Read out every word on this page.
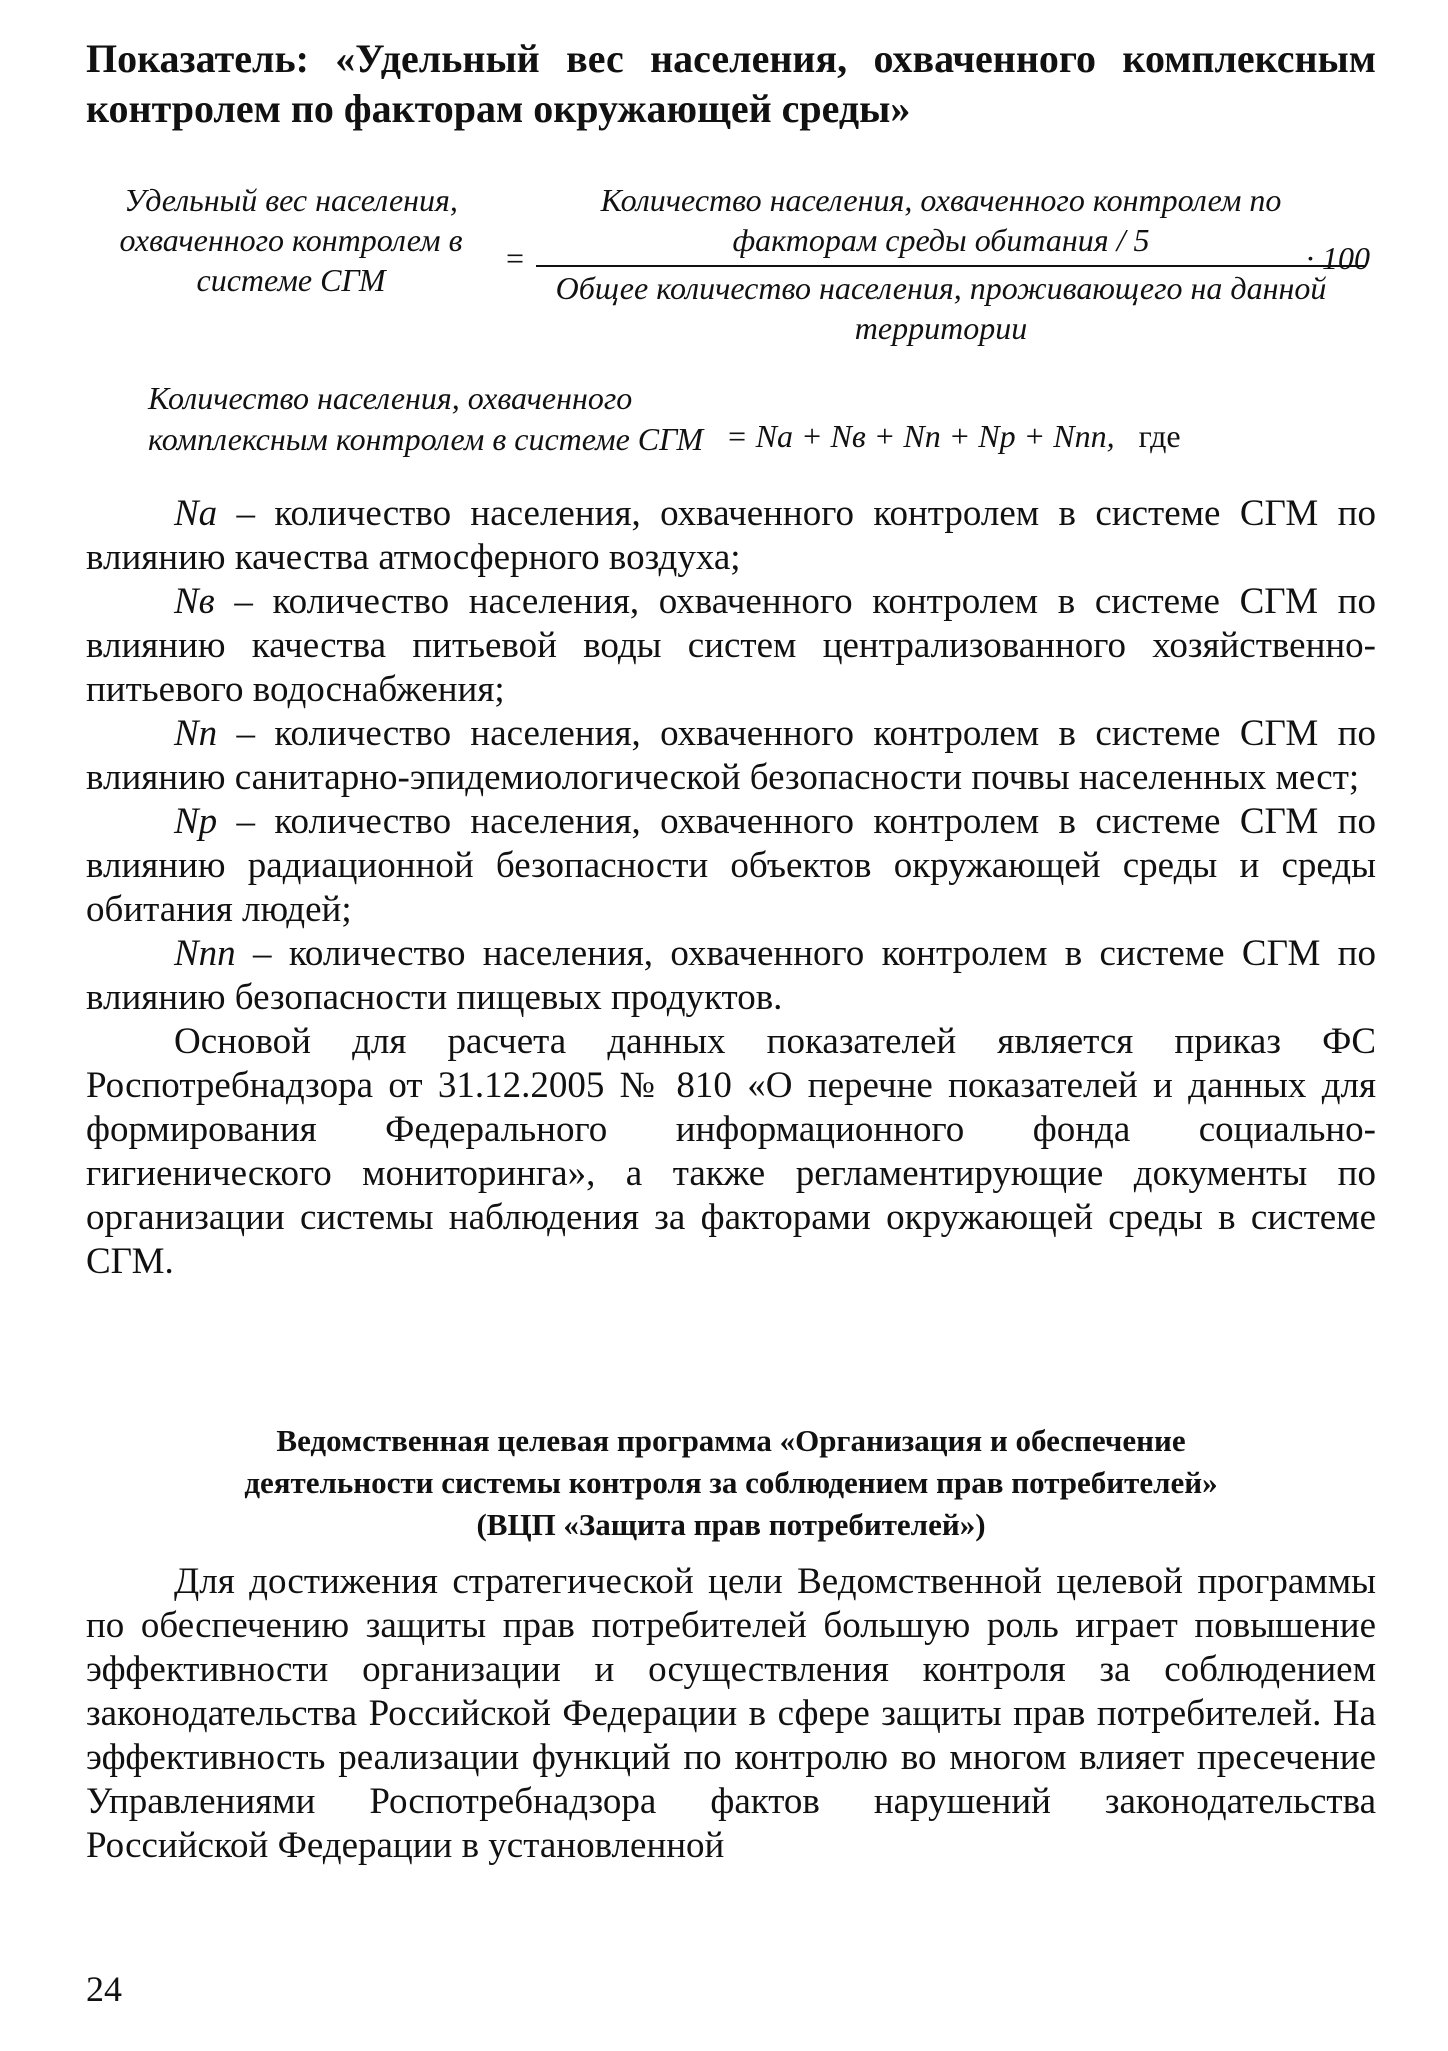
Показатель: «Удельный вес населения, охваченного комплексным контролем по факторам окружающей среды»
Удельный вес населения, охваченного контролем в системе СГМ
=
Количество населения, охваченного контролем по факторам среды обитания / 5
Общее количество населения, проживающего на данной территории
· 100
Количество населения, охваченного комплексным контролем в системе СГМ = Na + Nв + Nп + Np + Nпп, где

Na – количество населения, охваченного контролем в системе СГМ по влиянию качества атмосферного воздуха;

Nв – количество населения, охваченного контролем в системе СГМ по влиянию качества питьевой воды систем централизованного хозяйственно-питьевого водоснабжения;

Nп – количество населения, охваченного контролем в системе СГМ по влиянию санитарно-эпидемиологической безопасности почвы населенных мест;

Np – количество населения, охваченного контролем в системе СГМ по влиянию радиационной безопасности объектов окружающей среды и среды обитания людей;

Nпп – количество населения, охваченного контролем в системе СГМ по влиянию безопасности пищевых продуктов.

Основой для расчета данных показателей является приказ ФС Роспотребнадзора от 31.12.2005 № 810 «О перечне показателей и данных для формирования Федерального информационного фонда социально-гигиенического мониторинга», а также регламентирующие документы по организации системы наблюдения за факторами окружающей среды в системе СГМ.

Ведомственная целевая программа «Организация и обеспечение
деятельности системы контроля за соблюдением прав потребителей»
(ВЦП «Защита прав потребителей»)

Для достижения стратегической цели Ведомственной целевой программы по обеспечению защиты прав потребителей большую роль играет повышение эффективности организации и осуществления контроля за соблюдением законодательства Российской Федерации в сфере защиты прав потребителей. На эффективность реализации функций по контролю во многом влияет пресечение Управлениями Роспотребнадзора фактов нарушений законодательства Российской Федерации в установленной

24
